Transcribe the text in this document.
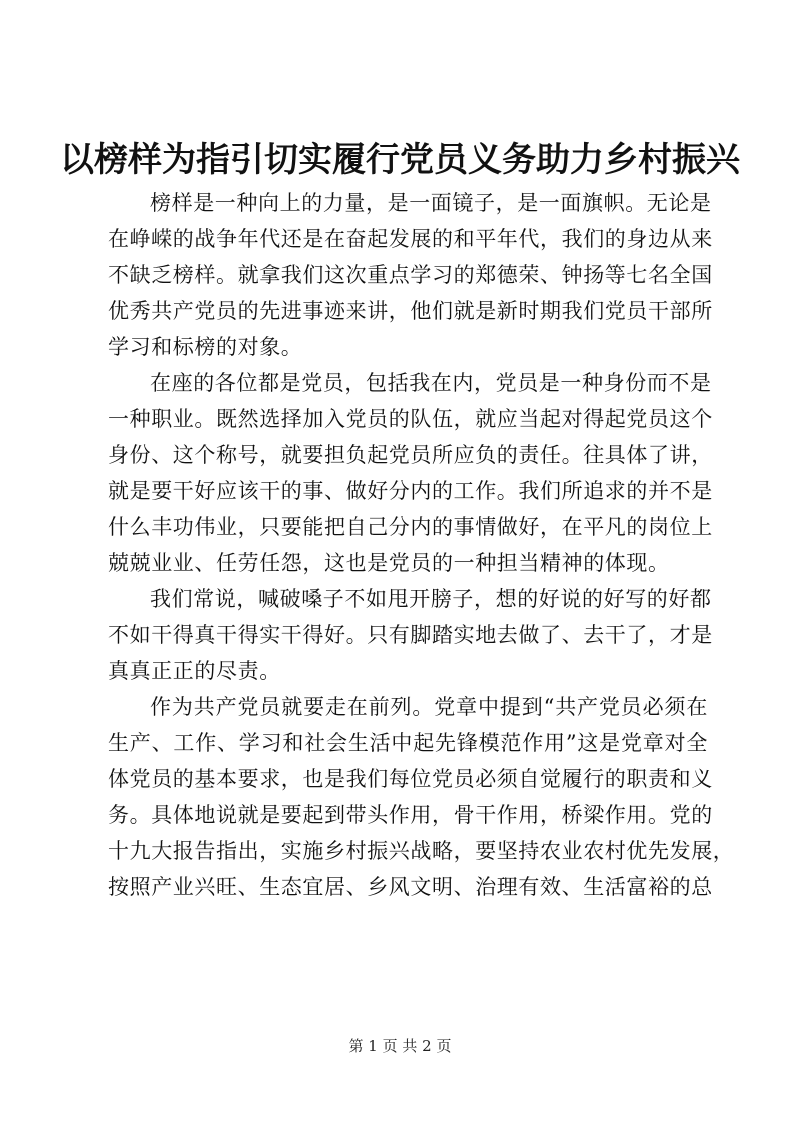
以榜样为指引切实履行党员义务助力乡村振兴
榜样是一种向上的力量，是一面镜子，是一面旗帜。无论是
在峥嵘的战争年代还是在奋起发展的和平年代，我们的身边从来
不缺乏榜样。就拿我们这次重点学习的郑德荣、钟扬等七名全国
优秀共产党员的先进事迹来讲，他们就是新时期我们党员干部所
学习和标榜的对象。
在座的各位都是党员，包括我在内，党员是一种身份而不是
一种职业。既然选择加入党员的队伍，就应当起对得起党员这个
身份、这个称号，就要担负起党员所应负的责任。往具体了讲，
就是要干好应该干的事、做好分内的工作。我们所追求的并不是
什么丰功伟业，只要能把自己分内的事情做好，在平凡的岗位上
兢兢业业、任劳任怨，这也是党员的一种担当精神的体现。
我们常说，喊破嗓子不如甩开膀子，想的好说的好写的好都
不如干得真干得实干得好。只有脚踏实地去做了、去干了，才是
真真正正的尽责。
作为共产党员就要走在前列。党章中提到“共产党员必须在
生产、工作、学习和社会生活中起先锋模范作用”这是党章对全
体党员的基本要求，也是我们每位党员必须自觉履行的职责和义
务。具体地说就是要起到带头作用，骨干作用，桥梁作用。党的
十九大报告指出，实施乡村振兴战略，要坚持农业农村优先发展，
按照产业兴旺、生态宜居、乡风文明、治理有效、生活富裕的总
第 1 页 共 2 页
